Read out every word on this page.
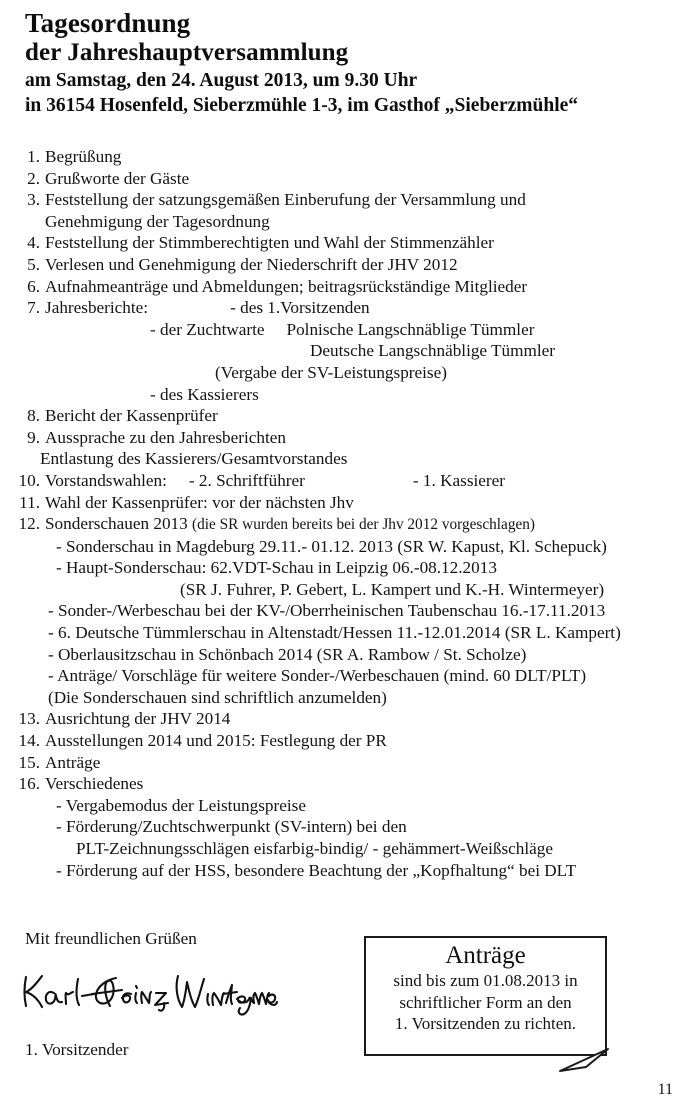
Tagesordnung
der Jahreshauptversammlung
am Samstag, den 24. August 2013, um 9.30 Uhr
in 36154 Hosenfeld, Sieberzmühle 1-3, im Gasthof „Sieberzmühle“
1. Begrüßung
2. Grußworte der Gäste
3. Feststellung der satzungsgemäßen Einberufung der Versammlung und
Genehmigung der Tagesordnung
4. Feststellung der Stimmberechtigten und Wahl der Stimmenzähler
5. Verlesen und Genehmigung der Niederschrift der JHV 2012
6. Aufnahmeanträge und Abmeldungen; beitragsrückständige Mitglieder
7. Jahresberichte:	- des 1.Vorsitzenden
- der Zuchtwarte Polnische Langschnäblige Tümmler
Deutsche Langschnäblige Tümmler
(Vergabe der SV-Leistungspreise)
- des Kassierers
8. Bericht der Kassenprüfer
9. Aussprache zu den Jahresberichten
Entlastung des Kassierers/Gesamtvorstandes
10. Vorstandswahlen: - 2. Schriftführer	- 1. Kassierer
11. Wahl der Kassenprüfer: vor der nächsten Jhv
12. Sonderschauen 2013 (die SR wurden bereits bei der Jhv 2012 vorgeschlagen)
- Sonderschau in Magdeburg 29.11.- 01.12. 2013 (SR W. Kapust, Kl. Schepuck)
- Haupt-Sonderschau: 62.VDT-Schau in Leipzig 06.-08.12.2013
(SR J. Fuhrer, P. Gebert, L. Kampert und K.-H. Wintermeyer)
- Sonder-/Werbeschau bei der KV-/Oberrheinischen Taubenschau 16.-17.11.2013
- 6. Deutsche Tümmlerschau in Altenstadt/Hessen 11.-12.01.2014 (SR L. Kampert)
- Oberlausitzschau in Schönbach 2014 (SR A. Rambow / St. Scholze)
- Anträge/ Vorschläge für weitere Sonder-/Werbeschauen (mind. 60 DLT/PLT)
(Die Sonderschauen sind schriftlich anzumelden)
13. Ausrichtung der JHV 2014
14. Ausstellungen 2014 und 2015: Festlegung der PR
15. Anträge
16. Verschiedenes
- Vergabemodus der Leistungspreise
- Förderung/Zuchtschwerpunkt (SV-intern) bei den
PLT-Zeichnungsschlägen eisfarbig-bindig/ - gehämmert-Weißschläge
- Förderung auf der HSS, besondere Beachtung der „Kopfhaltung“ bei DLT
Mit freundlichen Grüßen
1. Vorsitzender
Anträge
sind bis zum 01.08.2013 in
schriftlicher Form an den
1. Vorsitzenden zu richten.
11
